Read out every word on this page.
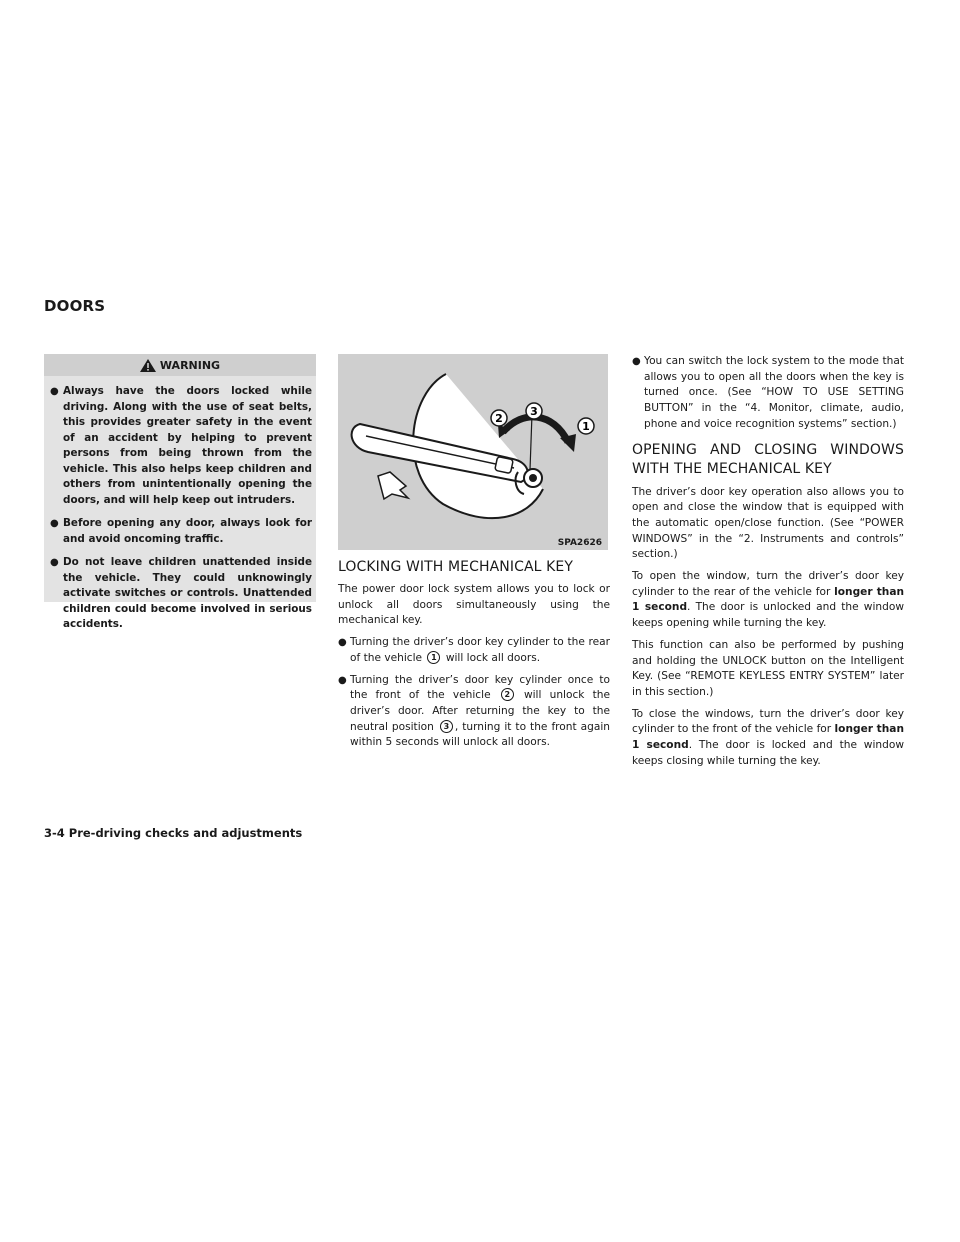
DOORS
WARNING
● Always have the doors locked while driving. Along with the use of seat belts, this provides greater safety in the event of an accident by helping to prevent persons from being thrown from the vehicle. This also helps keep children and others from unintentionally opening the doors, and will help keep out intruders.
● Before opening any door, always look for and avoid oncoming traffic.
● Do not leave children unattended inside the vehicle. They could unknowingly activate switches or controls. Unattended children could become involved in serious accidents.
2
3
1
SPA2626
LOCKING WITH MECHANICAL KEY

The power door lock system allows you to lock or unlock all doors simultaneously using the mechanical key.

● Turning the driver’s door key cylinder to the rear of the vehicle 1 will lock all doors.
● Turning the driver’s door key cylinder once to the front of the vehicle 2 will unlock the driver’s door. After returning the key to the neutral position 3 , turning it to the front again within 5 seconds will unlock all doors.
● You can switch the lock system to the mode that allows you to open all the doors when the key is turned once. (See “HOW TO USE SETTING BUTTON” in the “4. Monitor, climate, audio, phone and voice recognition systems” section.)
OPENING AND CLOSING WINDOWS WITH THE MECHANICAL KEY

The driver’s door key operation also allows you to open and close the window that is equipped with the automatic open/close function. (See “POWER WINDOWS” in the “2. Instruments and controls” section.)

To open the window, turn the driver’s door key cylinder to the rear of the vehicle for longer than 1 second. The door is unlocked and the window keeps opening while turning the key.

This function can also be performed by pushing and holding the UNLOCK button on the Intelligent Key. (See “REMOTE KEYLESS ENTRY SYSTEM” later in this section.)

To close the windows, turn the driver’s door key cylinder to the front of the vehicle for longer than 1 second. The door is locked and the window keeps closing while turning the key.

3-4 Pre-driving checks and adjustments
